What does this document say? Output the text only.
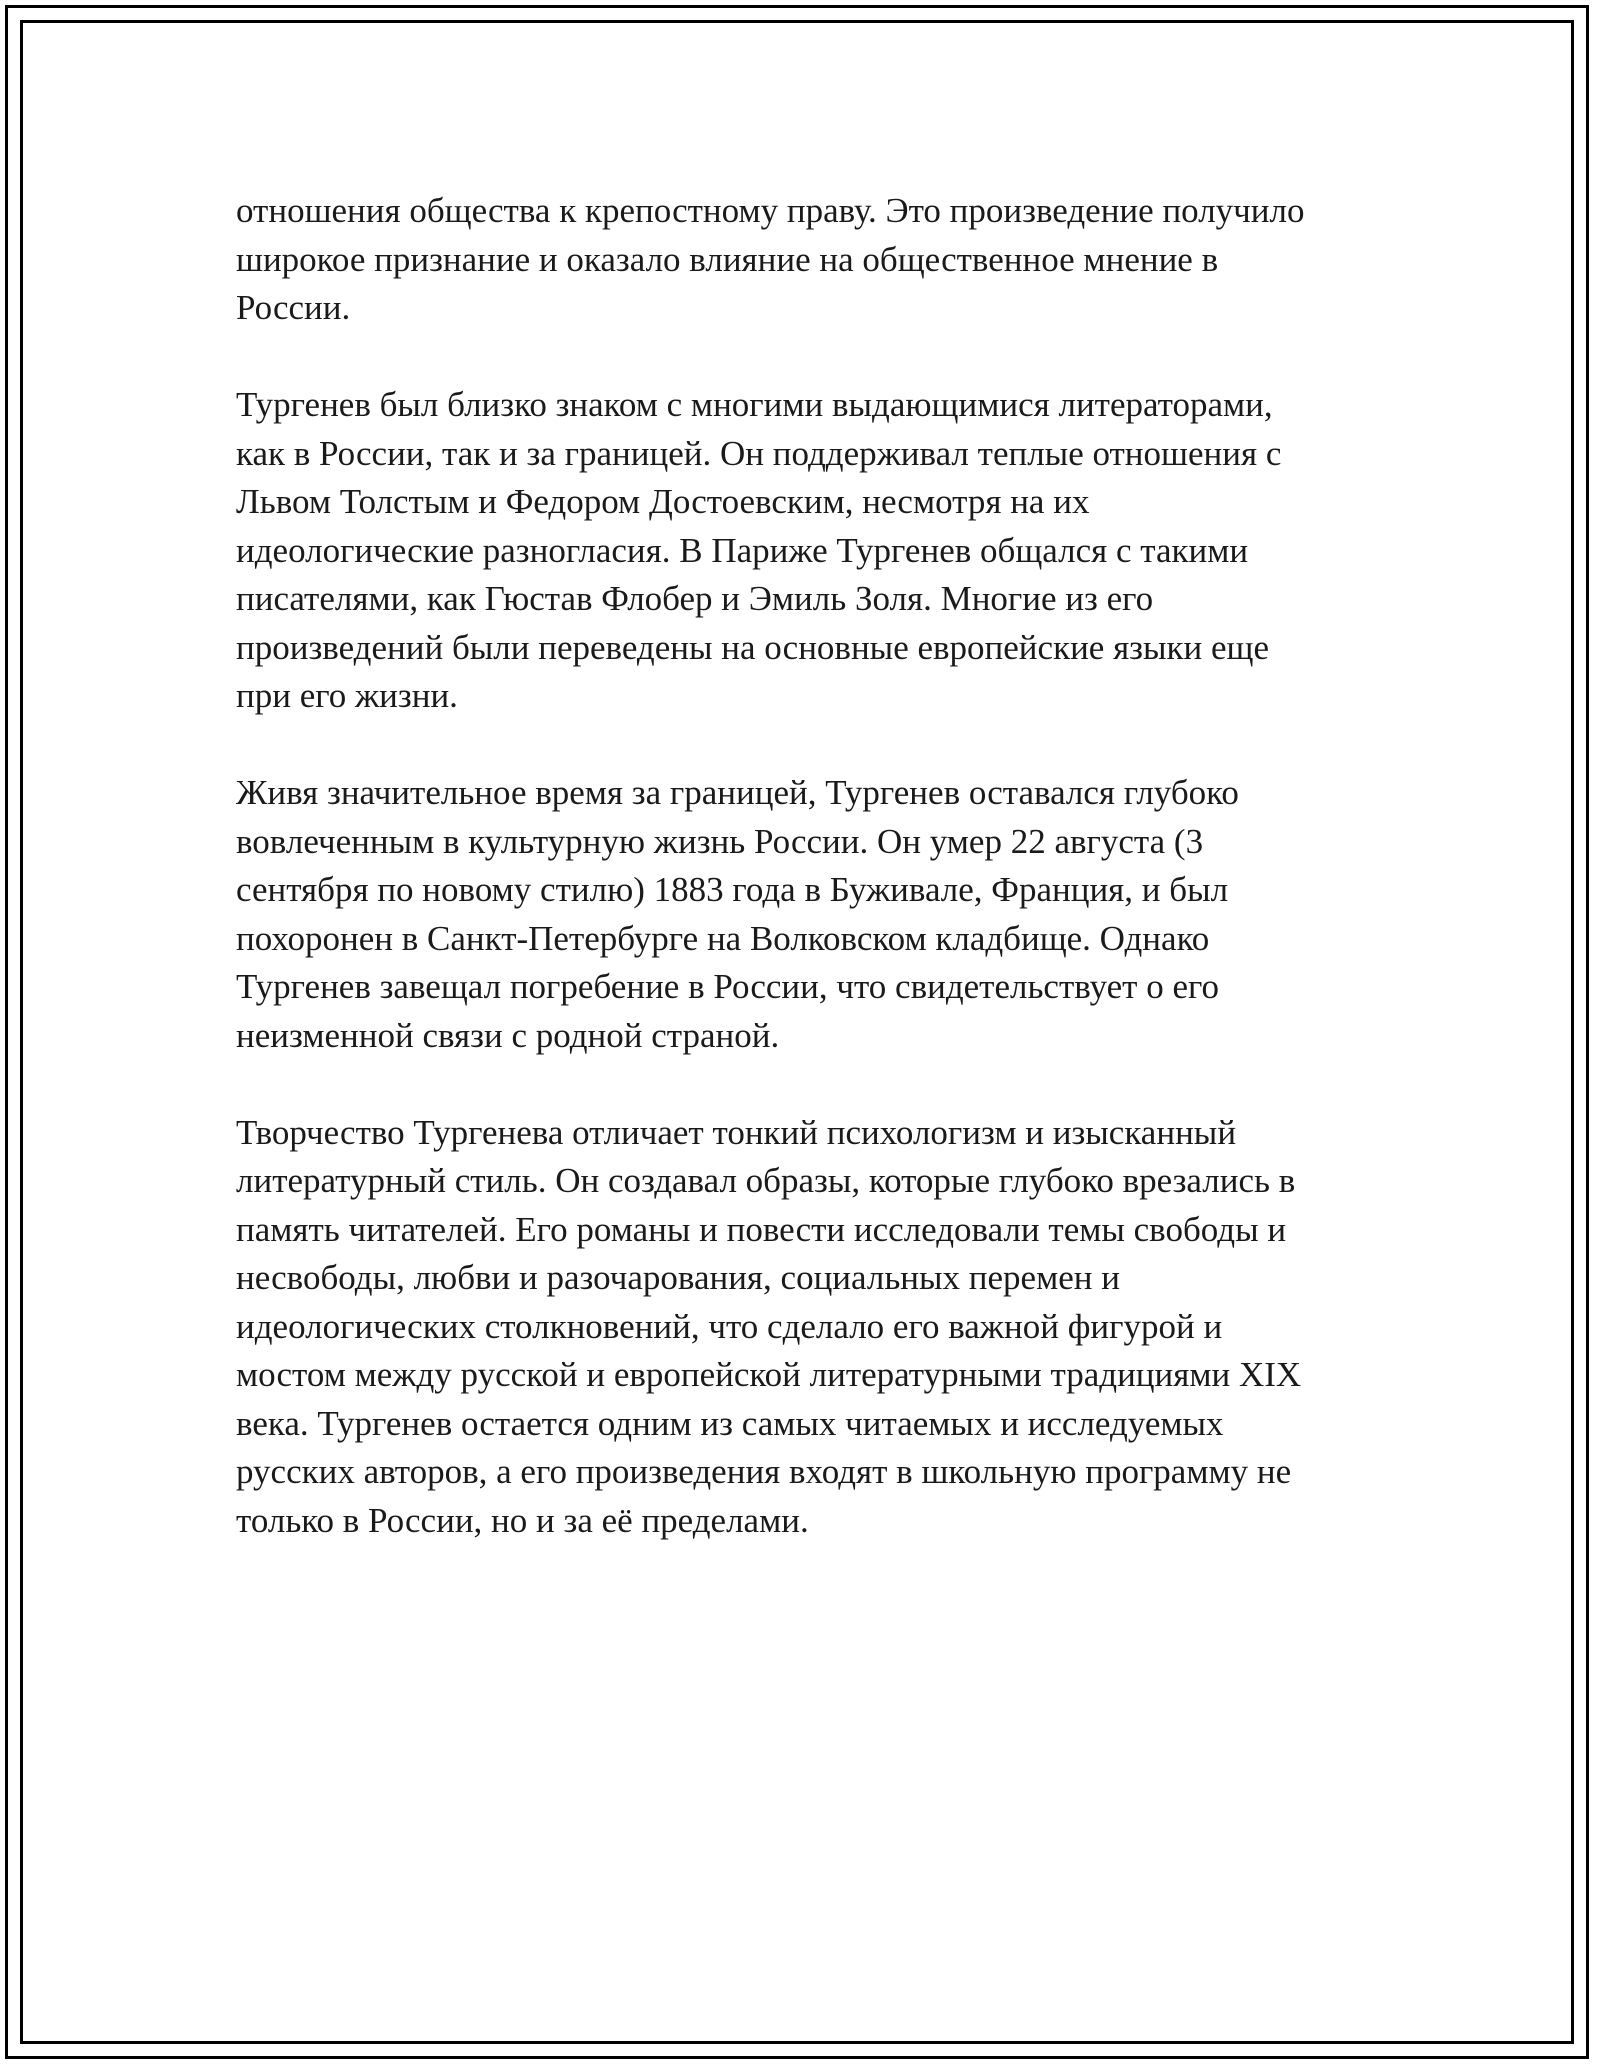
отношения общества к крепостному праву. Это произведение получило
широкое признание и оказало влияние на общественное мнение в
России.

Тургенев был близко знаком с многими выдающимися литераторами,
как в России, так и за границей. Он поддерживал теплые отношения с
Львом Толстым и Федором Достоевским, несмотря на их
идеологические разногласия. В Париже Тургенев общался с такими
писателями, как Гюстав Флобер и Эмиль Золя. Многие из его
произведений были переведены на основные европейские языки еще
при его жизни.

Живя значительное время за границей, Тургенев оставался глубоко
вовлеченным в культурную жизнь России. Он умер 22 августа (3
сентября по новому стилю) 1883 года в Буживале, Франция, и был
похоронен в Санкт-Петербурге на Волковском кладбище. Однако
Тургенев завещал погребение в России, что свидетельствует о его
неизменной связи с родной страной.

Творчество Тургенева отличает тонкий психологизм и изысканный
литературный стиль. Он создавал образы, которые глубоко врезались в
память читателей. Его романы и повести исследовали темы свободы и
несвободы, любви и разочарования, социальных перемен и
идеологических столкновений, что сделало его важной фигурой и
мостом между русской и европейской литературными традициями XIX
века. Тургенев остается одним из самых читаемых и исследуемых
русских авторов, а его произведения входят в школьную программу не
только в России, но и за её пределами.
